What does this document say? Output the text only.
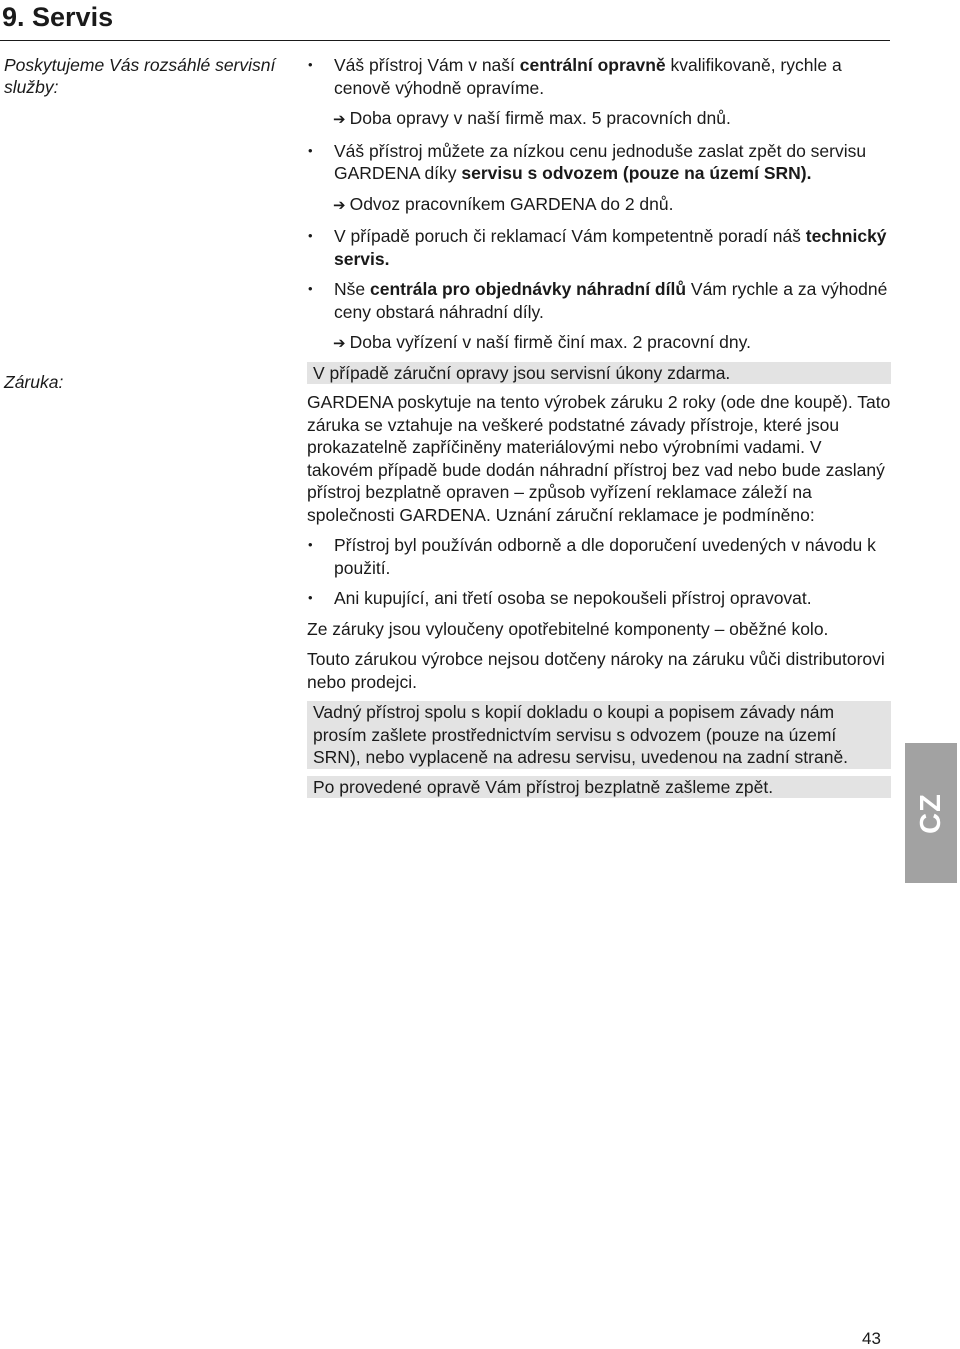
9. Servis
Poskytujeme Vás rozsáhlé servisní služby:
Záruka:
• Váš přístroj Vám v naší centrální opravně kvalifikovaně, rychle a cenově výhodně opravíme.
➔ Doba opravy v naší firmě max. 5 pracovních dnů.
• Váš přístroj můžete za nízkou cenu jednoduše zaslat zpět do servisu GARDENA díky servisu s odvozem (pouze na území SRN).
➔ Odvoz pracovníkem GARDENA do 2 dnů.
• V případě poruch či reklamací Vám kompetentně poradí náš technický servis.
• Nše centrála pro objednávky náhradní dílů Vám rychle a za výhodné ceny obstará náhradní díly.
➔ Doba vyřízení v naší firmě činí max. 2 pracovní dny.
V případě záruční opravy jsou servisní úkony zdarma.
GARDENA poskytuje na tento výrobek záruku 2 roky (ode dne koupě). Tato záruka se vztahuje na veškeré podstatné závady přístroje, které jsou prokazatelně zapříčiněny materiálovými nebo výrobními vadami. V takovém případě bude dodán náhradní přístroj bez vad nebo bude zaslaný přístroj bezplatně opraven – způsob vyřízení reklamace záleží na společnosti GARDENA. Uznání záruční reklamace je podmíněno:
• Přístroj byl používán odborně a dle doporučení uvedených v návodu k použití.
• Ani kupující, ani třetí osoba se nepokoušeli přístroj opravovat.
Ze záruky jsou vyloučeny opotřebitelné komponenty – oběžné kolo.
Touto zárukou výrobce nejsou dotčeny nároky na záruku vůči distributorovi nebo prodejci.
Vadný přístroj spolu s kopií dokladu o koupi a popisem závady nám prosím zašlete prostřednictvím servisu s odvozem (pouze na území SRN), nebo vyplaceně na adresu servisu, uvedenou na zadní straně.
Po provedené opravě Vám přístroj bezplatně zašleme zpět.
CZ
43
